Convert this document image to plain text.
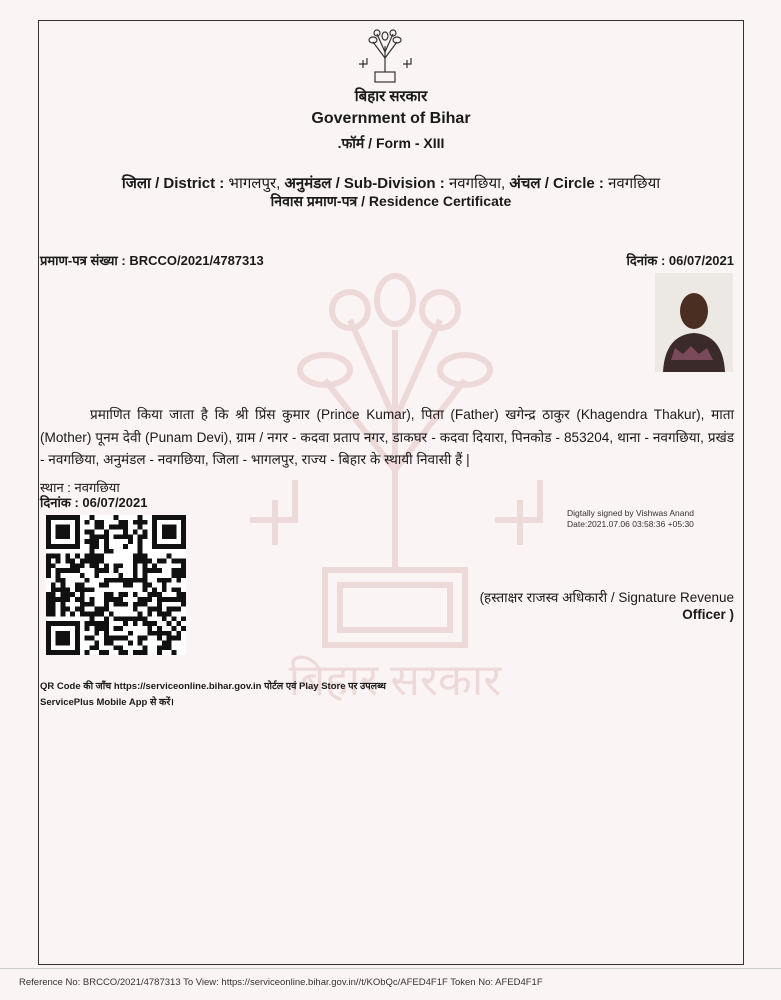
बिहार सरकार
Government of Bihar
.फॉर्म / Form - XIII
जिला / District : भागलपुर, अनुमंडल / Sub-Division : नवगछिया, अंचल / Circle : नवगछिया
निवास प्रमाण-पत्र / Residence Certificate
बिहार सरकार
प्रमाण-पत्र संख्या : BRCCO/2021/4787313	दिनांक : 06/07/2021
प्रमाणित किया जाता है कि श्री प्रिंस कुमार (Prince Kumar), पिता (Father) खगेन्द्र ठाकुर (Khagendra Thakur), माता (Mother) पूनम देवी (Punam Devi), ग्राम / नगर - कदवा प्रताप नगर, डाकघर - कदवा दियारा, पिनकोड - 853204, थाना - नवगछिया, प्रखंड - नवगछिया, अनुमंडल - नवगछिया, जिला - भागलपुर, राज्य - बिहार के स्थायी निवासी हैं |
स्थान : नवगछिया
दिनांक : 06/07/2021
Digtally signed by Vishwas Anand
Date:2021.07.06 03:58:36 +05:30
(हस्ताक्षर राजस्व अधिकारी / Signature Revenue
Officer )
QR Code की जाँच https://serviceonline.bihar.gov.in पोर्टल एवं Play Store पर उपलब्ध
ServicePlus Mobile App से करें।
Reference No: BRCCO/2021/4787313 To View: https://serviceonline.bihar.gov.in//t/KObQc/AFED4F1F Token No: AFED4F1F
